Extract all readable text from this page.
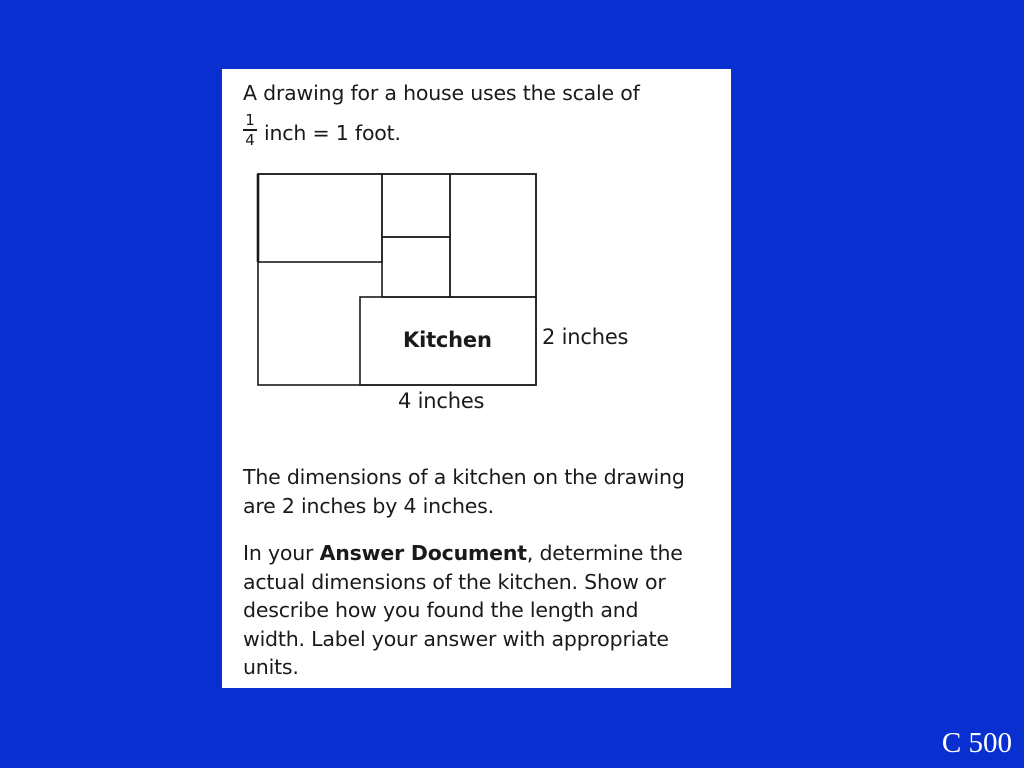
A drawing for a house uses the scale of
1
4 inch = 1 foot.
Kitchen 2 inches
4 inches
The dimensions of a kitchen on the drawing
are 2 inches by 4 inches.
In your Answer Document, determine the
actual dimensions of the kitchen. Show or
describe how you found the length and
width. Label your answer with appropriate
units.
C 500
